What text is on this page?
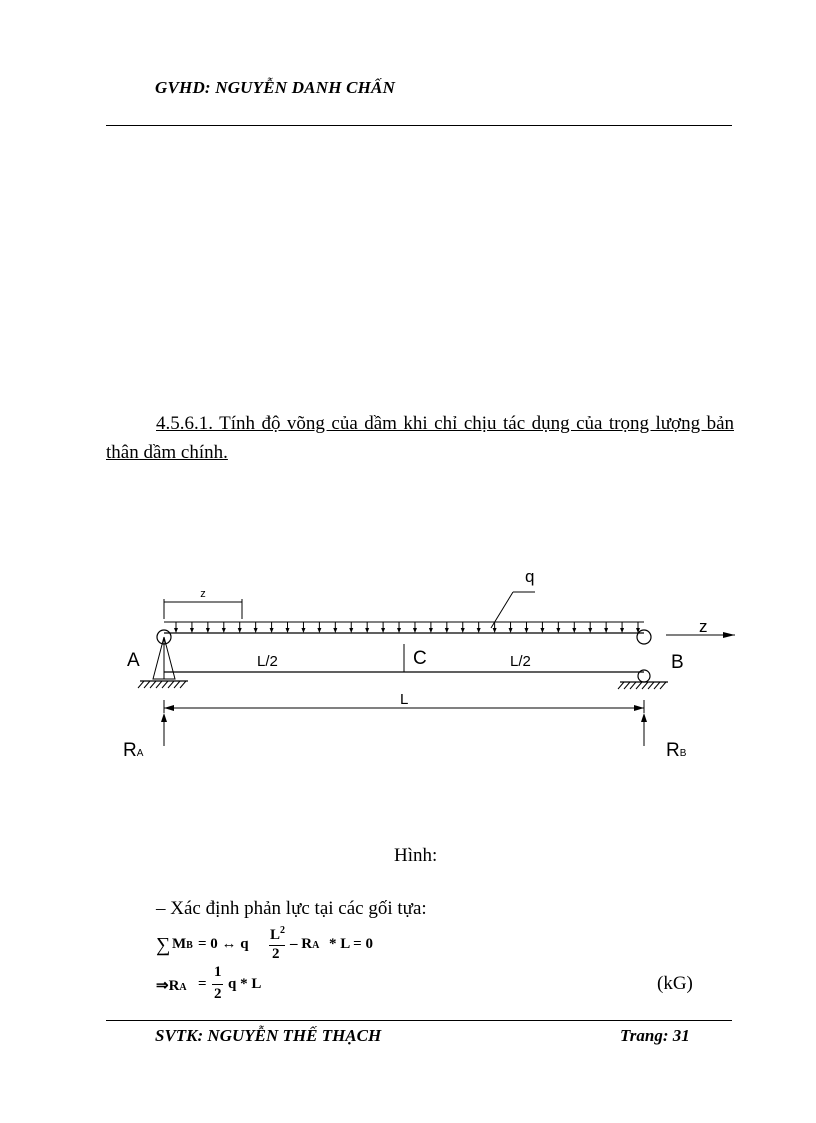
GVHD: NGUYỄN DANH CHẤN
4.5.6.1. Tính độ võng của dầm khi chỉ chịu tác dụng của trọng lượng bản thân dầm chính.
z
q
z
A	B
C
L/2	L/2
L
RA	RB
Hình:
– Xác định phản lực tại các gối tựa:
∑ MB = 0 ↔ q
$L^2$
2
– RA * L = 0
⇒RA =
1
2
q * L	(kG)
SVTK: NGUYỄN THẾ THẠCH	Trang: 31
